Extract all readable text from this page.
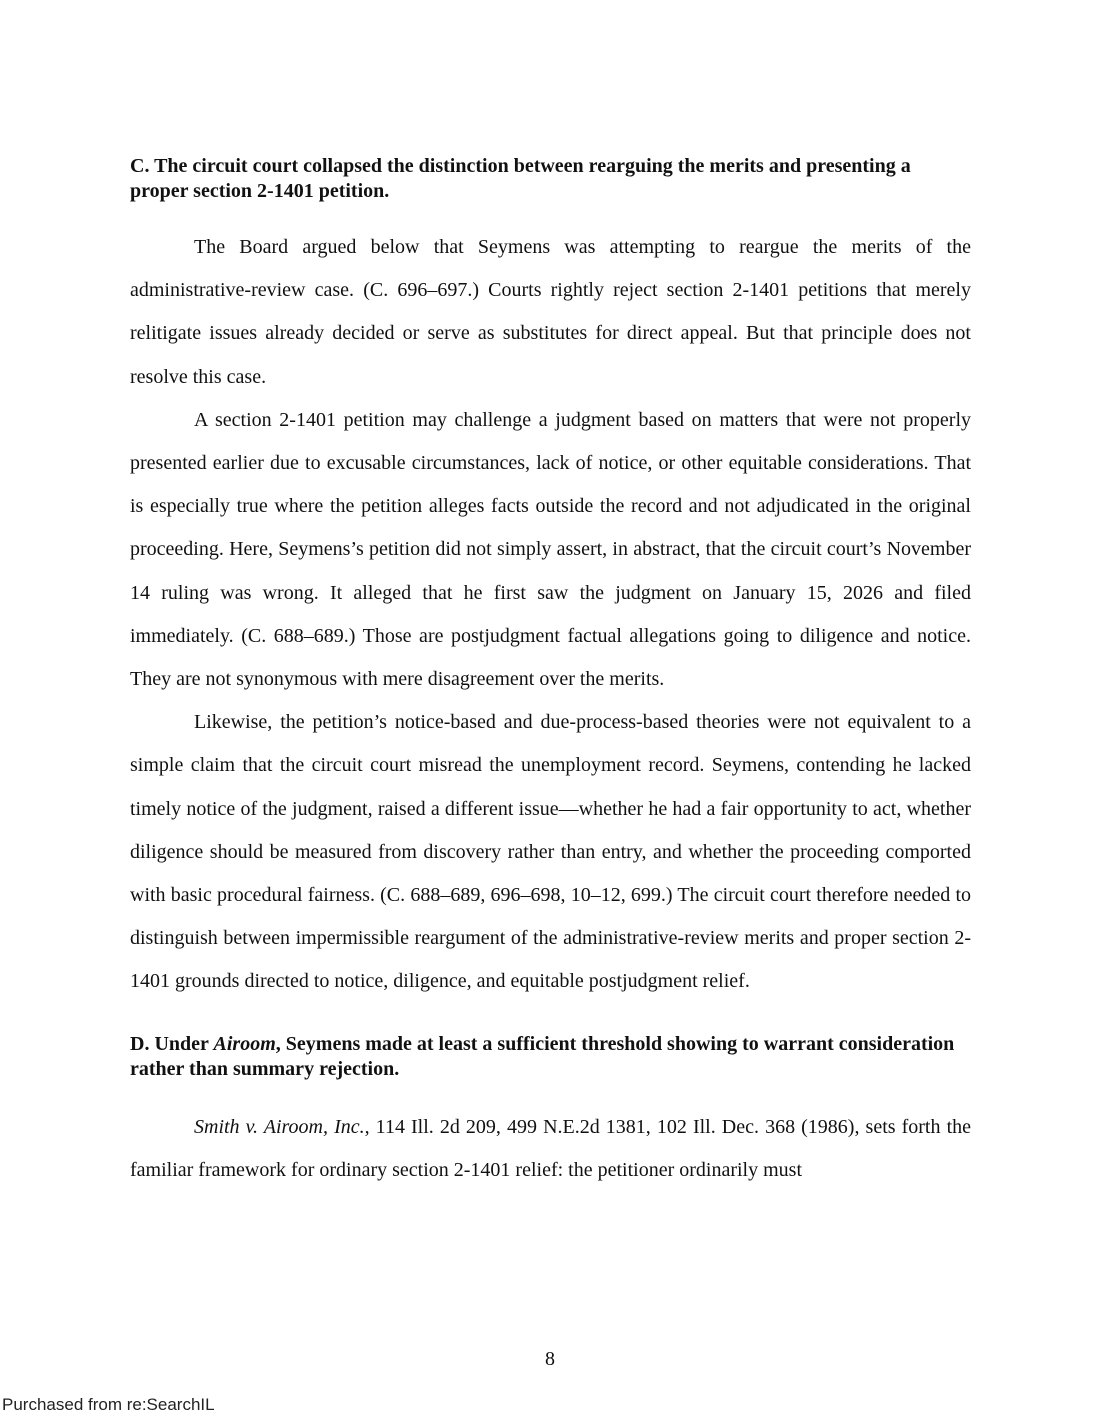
C. The circuit court collapsed the distinction between rearguing the merits and presenting a proper section 2-1401 petition.

The Board argued below that Seymens was attempting to reargue the merits of the administrative-review case. (C. 696–697.) Courts rightly reject section 2-1401 petitions that merely relitigate issues already decided or serve as substitutes for direct appeal. But that principle does not resolve this case.

A section 2-1401 petition may challenge a judgment based on matters that were not properly presented earlier due to excusable circumstances, lack of notice, or other equitable considerations. That is especially true where the petition alleges facts outside the record and not adjudicated in the original proceeding. Here, Seymens’s petition did not simply assert, in abstract, that the circuit court’s November 14 ruling was wrong. It alleged that he first saw the judgment on January 15, 2026 and filed immediately. (C. 688–689.) Those are postjudgment factual allegations going to diligence and notice. They are not synonymous with mere disagreement over the merits.

Likewise, the petition’s notice-based and due-process-based theories were not equivalent to a simple claim that the circuit court misread the unemployment record. Seymens, contending he lacked timely notice of the judgment, raised a different issue—whether he had a fair opportunity to act, whether diligence should be measured from discovery rather than entry, and whether the proceeding comported with basic procedural fairness. (C. 688–689, 696–698, 10–12, 699.) The circuit court therefore needed to distinguish between impermissible reargument of the administrative-review merits and proper section 2-1401 grounds directed to notice, diligence, and equitable postjudgment relief.

D. Under Airoom, Seymens made at least a sufficient threshold showing to warrant consideration rather than summary rejection.

Smith v. Airoom, Inc., 114 Ill. 2d 209, 499 N.E.2d 1381, 102 Ill. Dec. 368 (1986), sets forth the familiar framework for ordinary section 2-1401 relief: the petitioner ordinarily must

8
Purchased from re:SearchIL
